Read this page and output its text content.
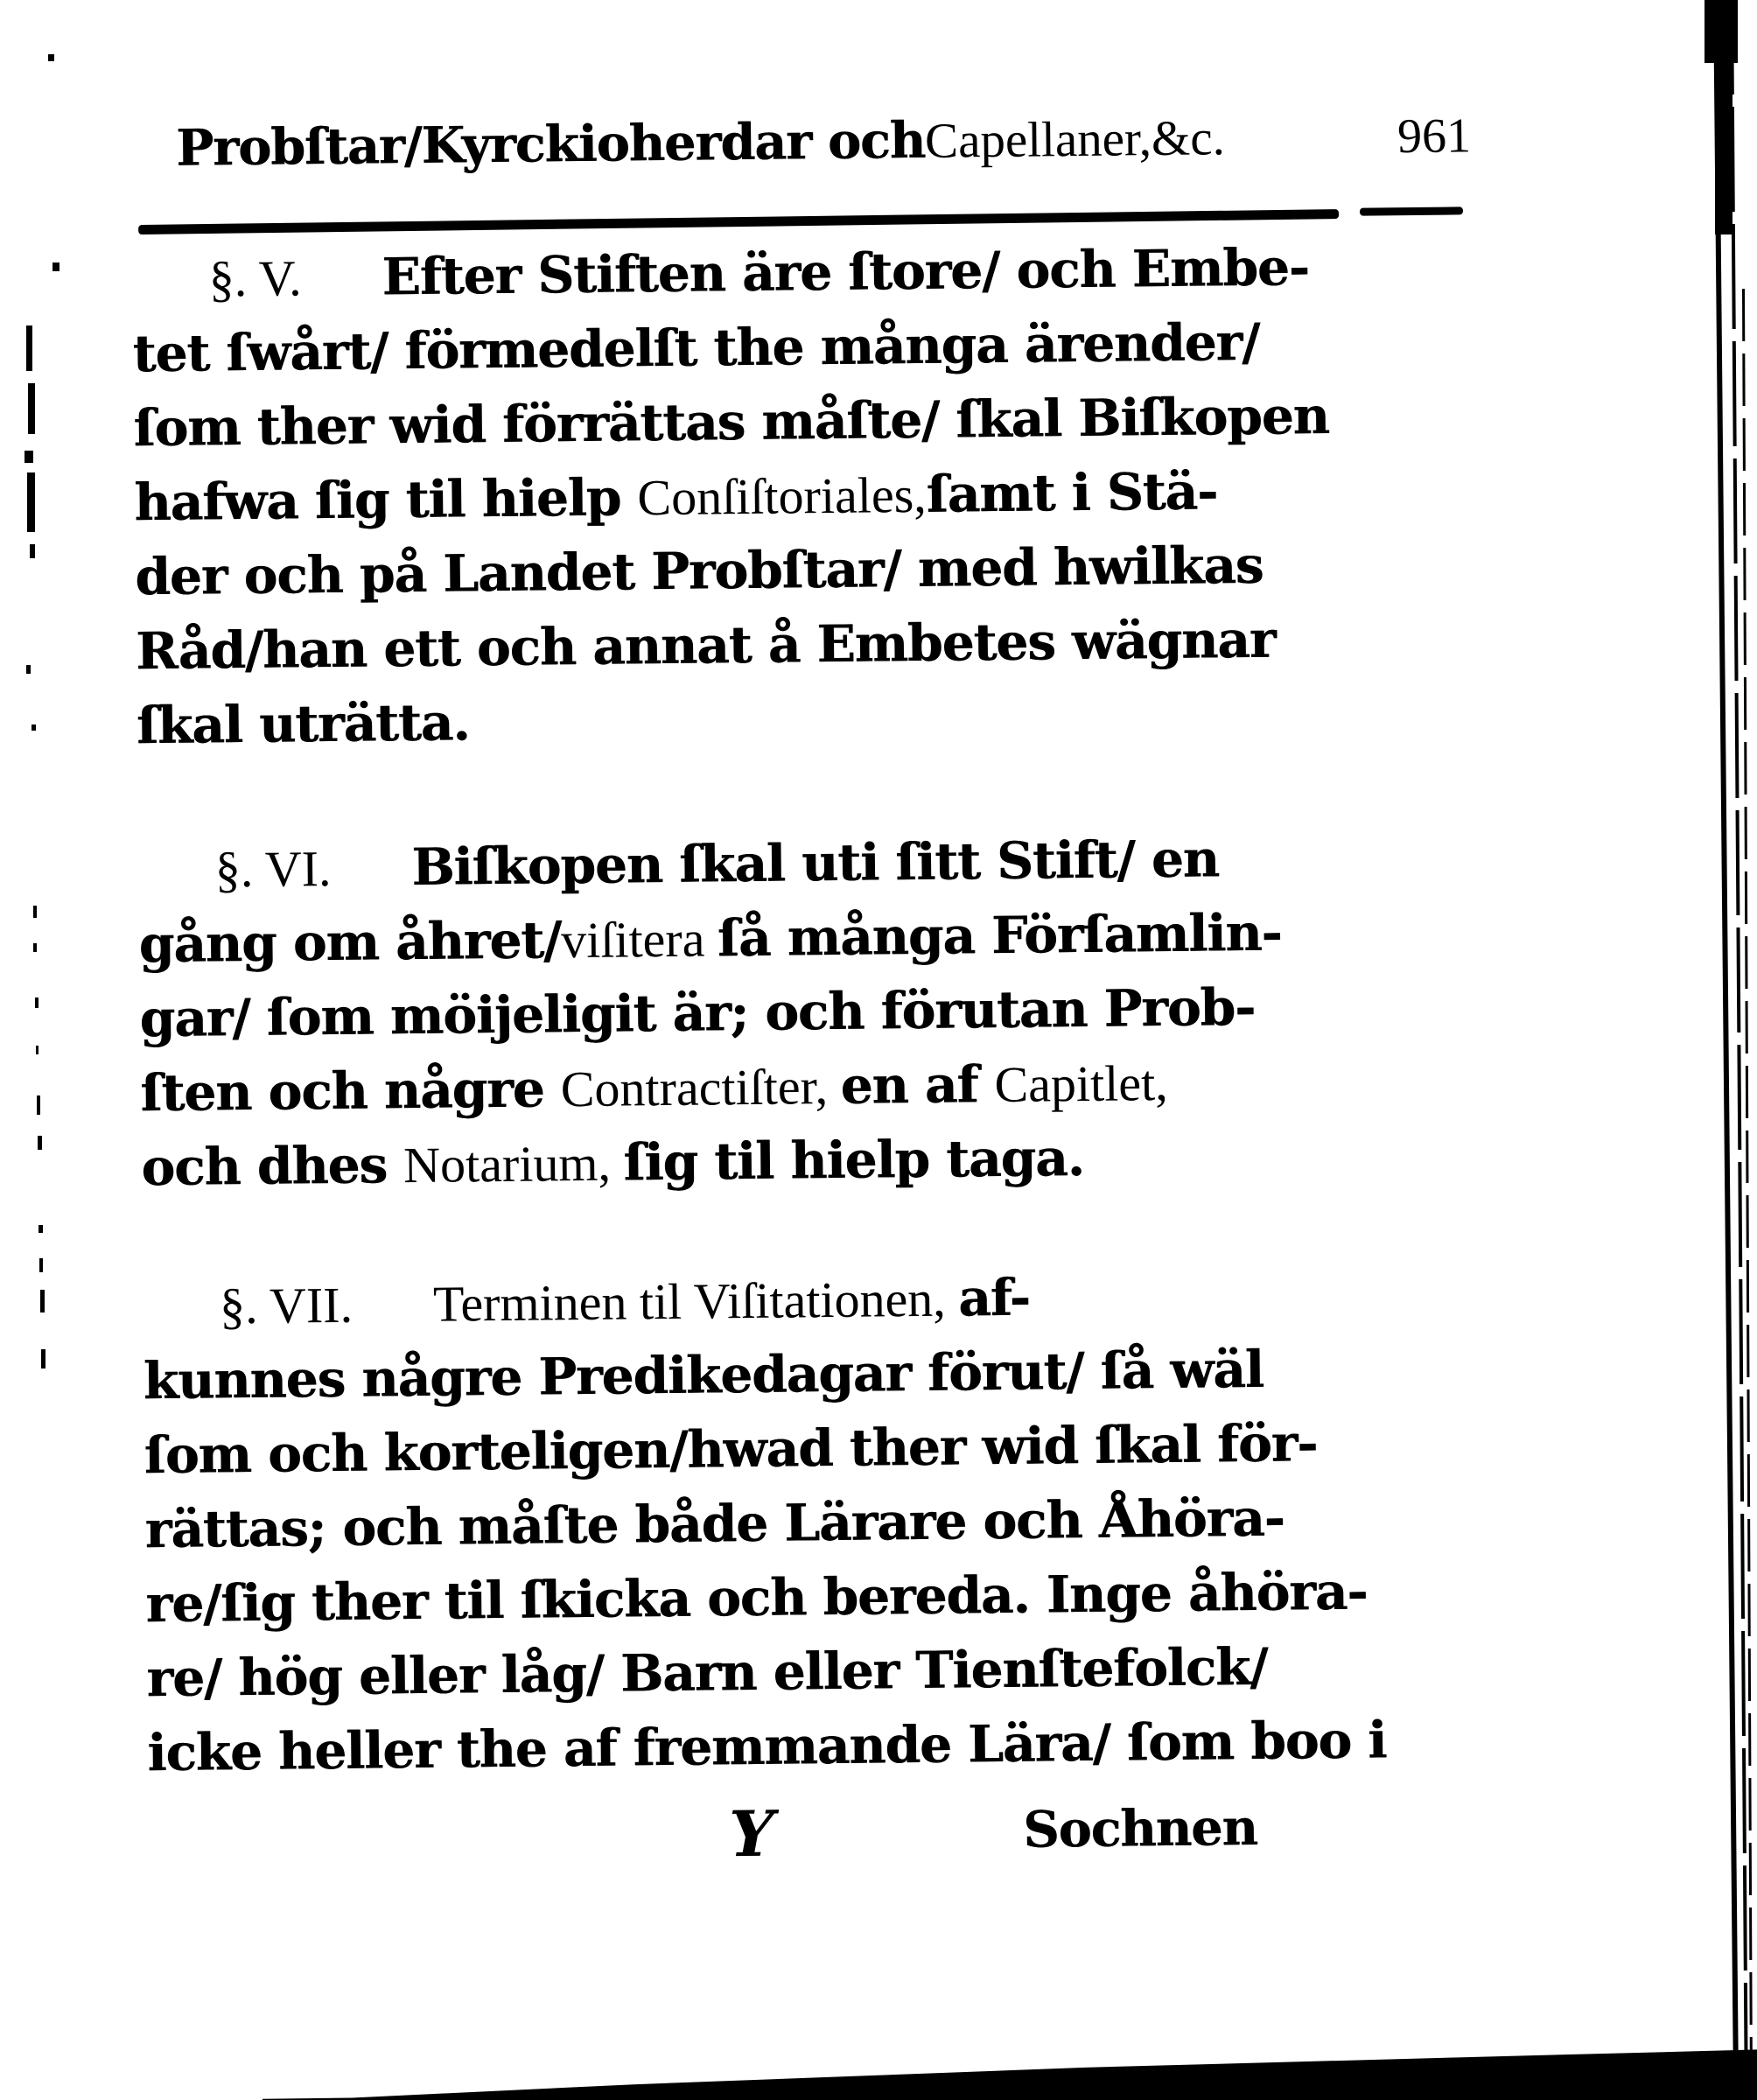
Probſtar/Kyrckioherdar och Capellaner,&c.	961
§. V. Efter Stiften äre ſtore/ och Embe-
tet ſwårt/ förmedelſt the många ärender/
ſom ther wid förrättas måſte/ ſkal Biſkopen
hafwa ſig til hielp Conſiſtoriales,ſamt i Stä-
der och på Landet Probſtar/ med hwilkas
Råd/han ett och annat å Embetes wägnar
ſkal uträtta.
§. VI. Biſkopen ſkal uti ſitt Stift/ en
gång om åhret/viſitera ſå många Förſamlin-
gar/ ſom möijeligit är; och förutan Prob-
ſten och någre Contractiſter, en af Capitlet,
och dhes Notarium, ſig til hielp taga.
§. VII. Terminen til Viſitationen, af-
kunnes någre Predikedagar förut/ ſå wäl
ſom och korteligen/hwad ther wid ſkal för-
rättas; och måſte både Lärare och Åhöra-
re/ſig ther til ſkicka och bereda. Inge åhöra-
re/ hög eller låg/ Barn eller Tienſtefolck/
icke heller the af fremmande Lära/ ſom boo i
Y	Sochnen
